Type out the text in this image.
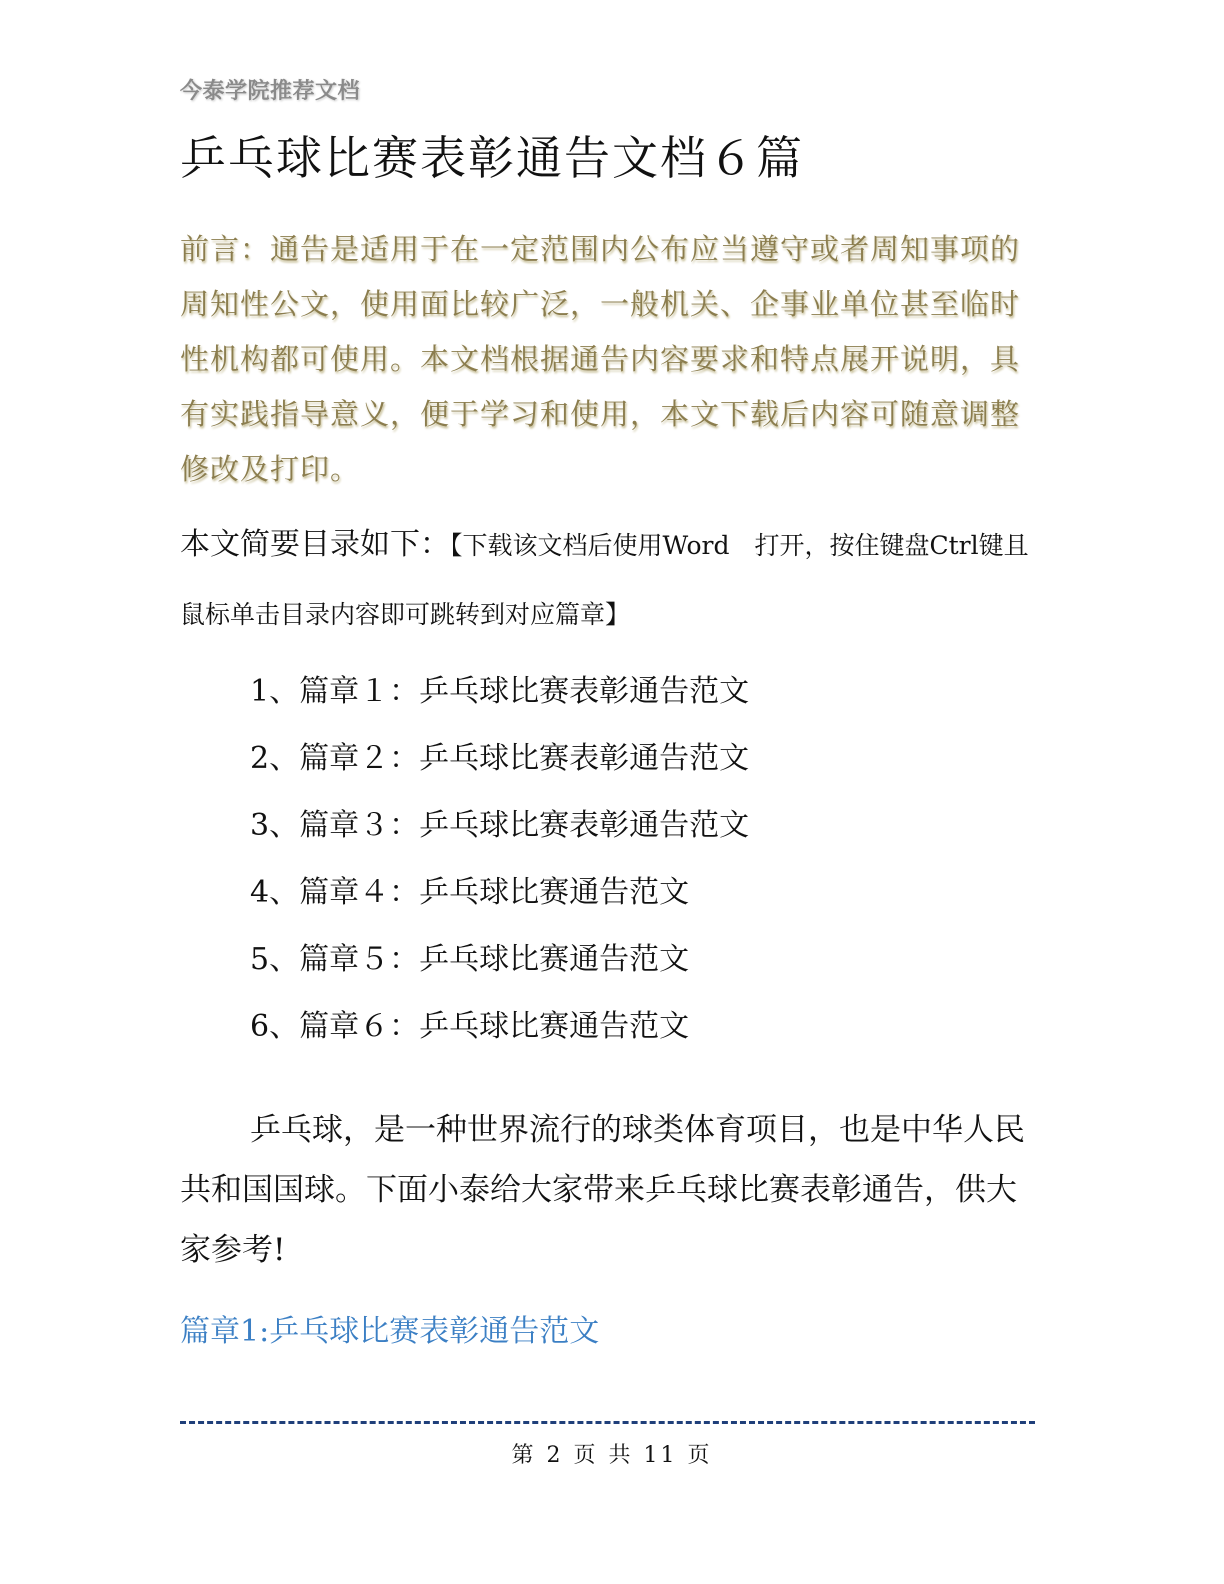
今泰学院推荐文档
乒乓球比赛表彰通告文档６篇
前言：通告是适用于在一定范围内公布应当遵守或者周知事项的周知性公文，使用面比较广泛，一般机关、企事业单位甚至临时性机构都可使用。本文档根据通告内容要求和特点展开说明，具有实践指导意义，便于学习和使用，本文下载后内容可随意调整修改及打印。
本文简要目录如下：【下载该文档后使用Word　打开，按住键盘Ctrl键且鼠标单击目录内容即可跳转到对应篇章】
1、篇章１：乒乓球比赛表彰通告范文
2、篇章２：乒乓球比赛表彰通告范文
3、篇章３：乒乓球比赛表彰通告范文
4、篇章４：乒乓球比赛通告范文
5、篇章５：乒乓球比赛通告范文
6、篇章６：乒乓球比赛通告范文
乒乓球，是一种世界流行的球类体育项目，也是中华人民共和国国球。下面小泰给大家带来乒乓球比赛表彰通告，供大家参考!
篇章1:乒乓球比赛表彰通告范文
第 2 页 共 11 页
